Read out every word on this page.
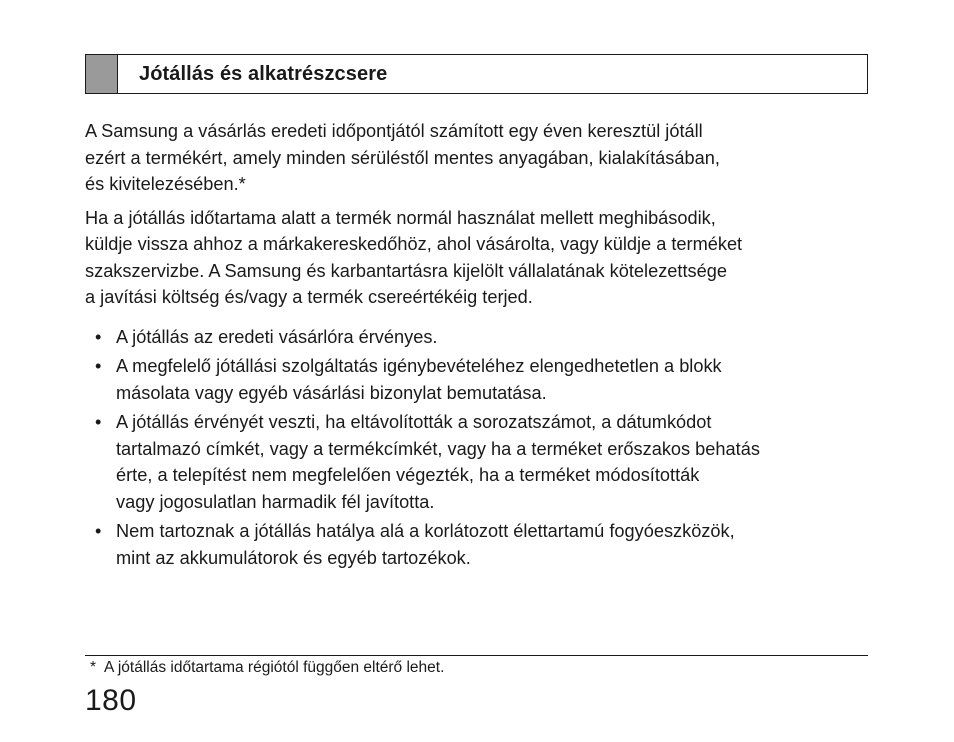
Jótállás és alkatrészcsere

A Samsung a vásárlás eredeti időpontjától számított egy éven keresztül jótáll
ezért a termékért, amely minden sérüléstől mentes anyagában, kialakításában,
és kivitelezésében.*

Ha a jótállás időtartama alatt a termék normál használat mellett meghibásodik,
küldje vissza ahhoz a márkakereskedőhöz, ahol vásárolta, vagy küldje a terméket
szakszervizbe. A Samsung és karbantartásra kijelölt vállalatának kötelezettsége
a javítási költség és/vagy a termék csereértékéig terjed.

• A jótállás az eredeti vásárlóra érvényes.
• A megfelelő jótállási szolgáltatás igénybevételéhez elengedhetetlen a blokk
másolata vagy egyéb vásárlási bizonylat bemutatása.
• A jótállás érvényét veszti, ha eltávolították a sorozatszámot, a dátumkódot
tartalmazó címkét, vagy a termékcímkét, vagy ha a terméket erőszakos behatás
érte, a telepítést nem megfelelően végezték, ha a terméket módosították
vagy jogosulatlan harmadik fél javította.
• Nem tartoznak a jótállás hatálya alá a korlátozott élettartamú fogyóeszközök,
mint az akkumulátorok és egyéb tartozékok.
* A jótállás időtartama régiótól függően eltérő lehet.
180
